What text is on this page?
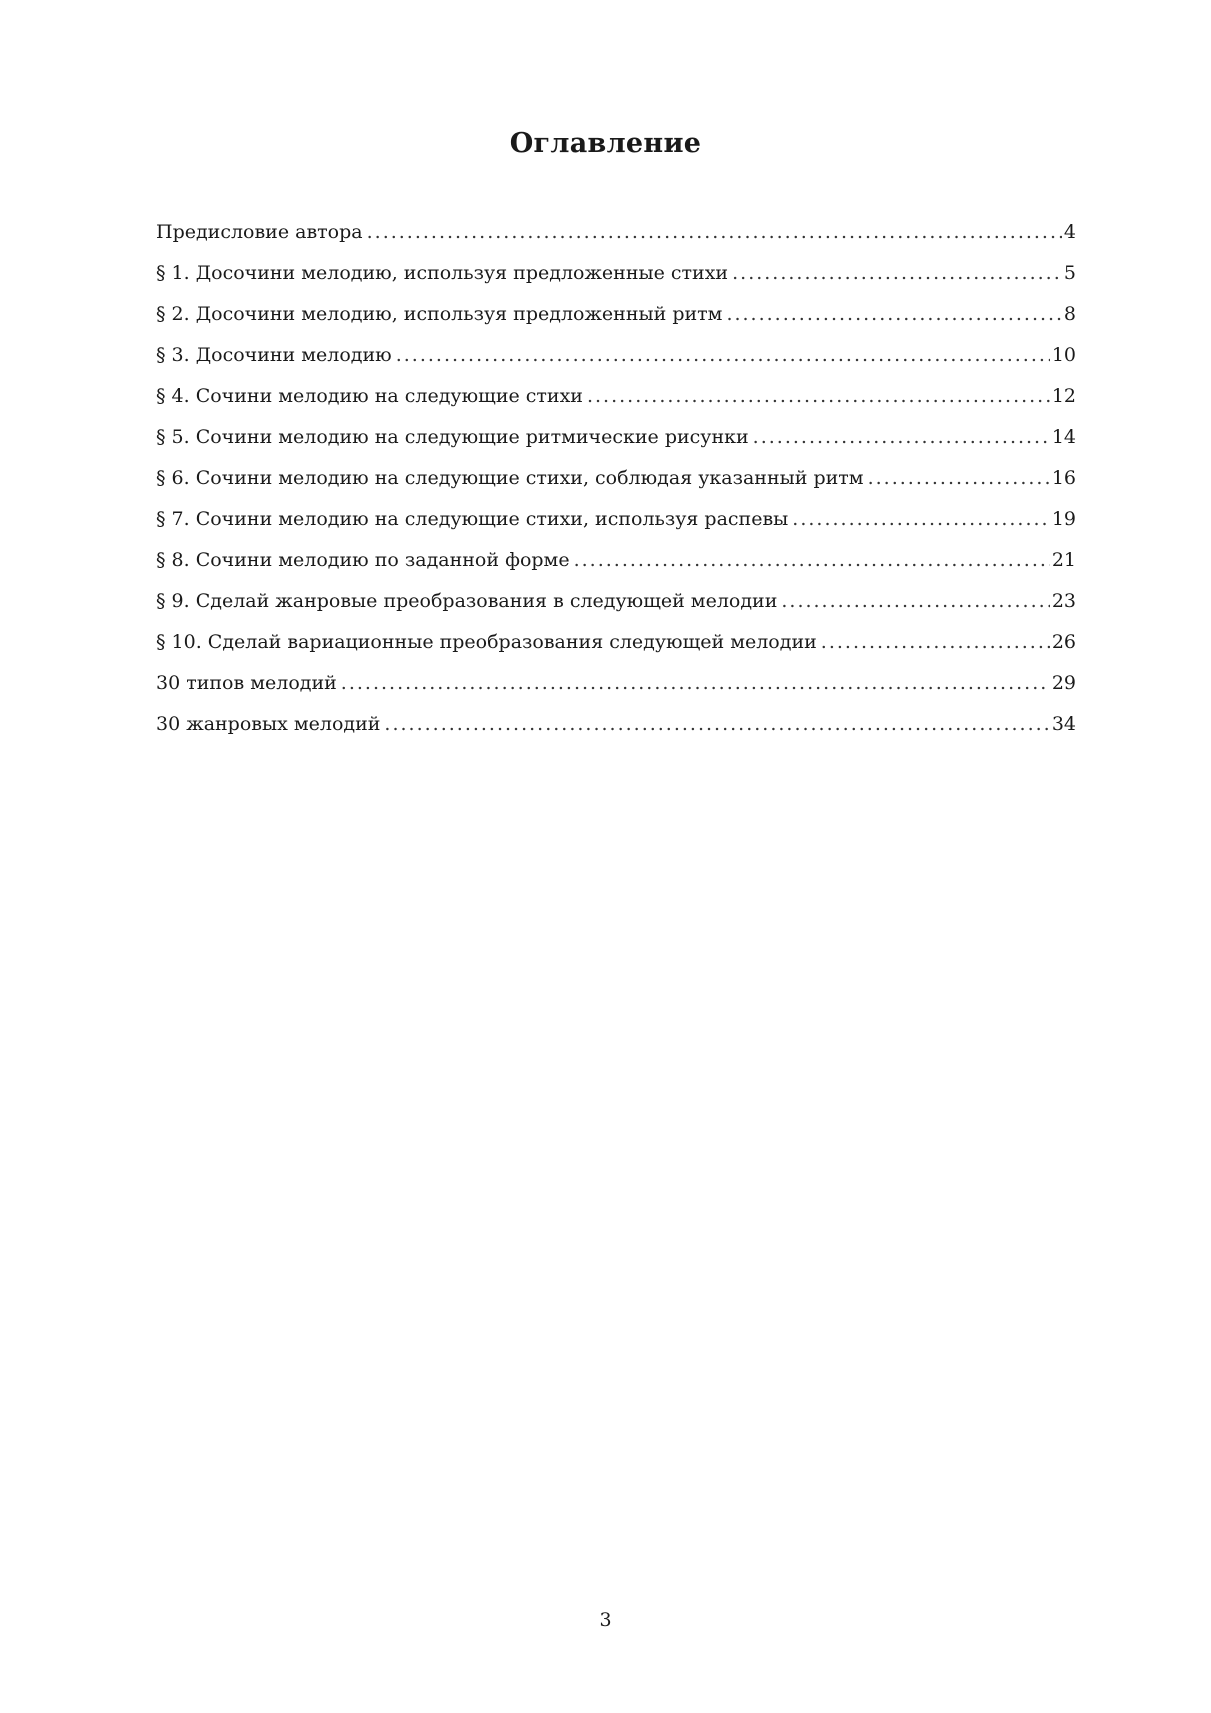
Оглавление
Предисловие автора .....	4
§ 1. Досочини мелодию, используя предложенные стихи .....	5
§ 2. Досочини мелодию, используя предложенный ритм .....	8
§ 3. Досочини мелодию .....	10
§ 4. Сочини мелодию на следующие стихи .....	12
§ 5. Сочини мелодию на следующие ритмические рисунки .....	14
§ 6. Сочини мелодию на следующие стихи, соблюдая указанный ритм .....	16
§ 7. Сочини мелодию на следующие стихи, используя распевы .....	19
§ 8. Сочини мелодию по заданной форме .....	21
§ 9. Сделай жанровые преобразования в следующей мелодии .....	23
§ 10. Сделай вариационные преобразования следующей мелодии .....	26
30 типов мелодий .....	29
30 жанровых мелодий .....	34
3
